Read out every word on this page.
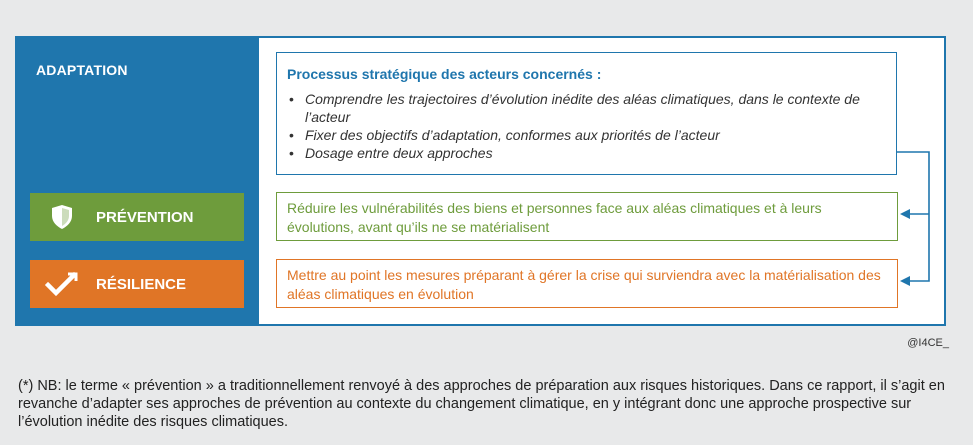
ADAPTATION
PRÉVENTION
RÉSILIENCE
Processus stratégique des acteurs concernés :
• Comprendre les trajectoires d’évolution inédite des aléas climatiques, dans le contexte de l’acteur
• Fixer des objectifs d’adaptation, conformes aux priorités de l’acteur
• Dosage entre deux approches
Réduire les vulnérabilités des biens et personnes face aux aléas climatiques et à leurs évolutions, avant qu’ils ne se matérialisent
Mettre au point les mesures préparant à gérer la crise qui surviendra avec la matérialisation des aléas climatiques en évolution
@I4CE_
(*) NB: le terme « prévention » a traditionnellement renvoyé à des approches de préparation aux risques historiques. Dans ce rapport, il s’agit en revanche d’adapter ses approches de prévention au contexte du changement climatique, en y intégrant donc une approche prospective sur l’évolution inédite des risques climatiques.
